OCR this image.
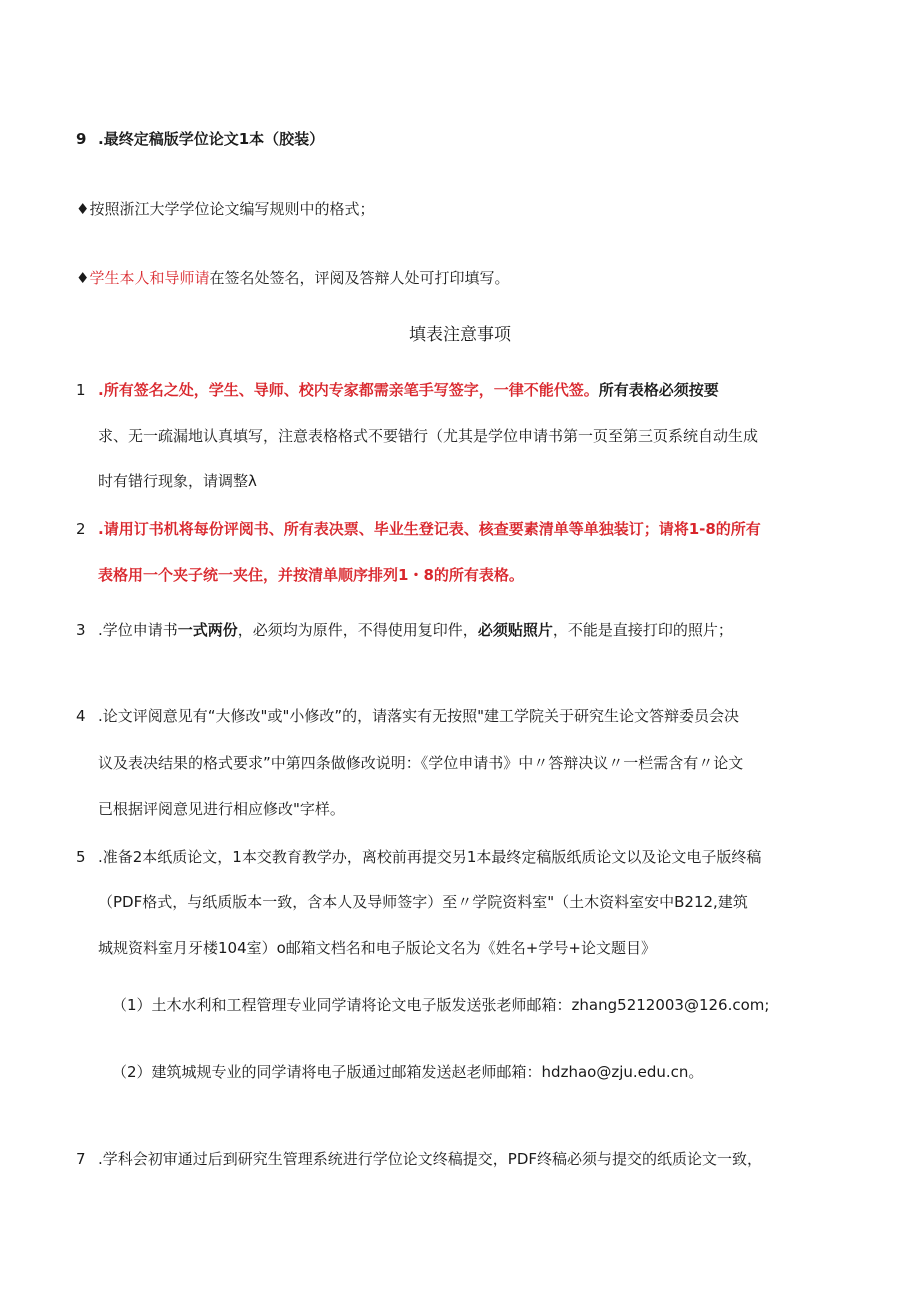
9 .最终定稿版学位论文1本（胶装）
♦按照浙江大学学位论文编写规则中的格式；
♦学生本人和导师请在签名处签名，评阅及答辩人处可打印填写。
填表注意事项
1 .所有签名之处，学生、导师、校内专家都需亲笔手写签字，一律不能代签。所有表格必须按要
求、无一疏漏地认真填写，注意表格格式不要错行（尤其是学位申请书第一页至第三页系统自动生成
时有错行现象，请调整λ
2 .请用订书机将每份评阅书、所有表决票、毕业生登记表、核查要素清单等单独装订；请将1-8的所有
表格用一个夹子统一夹住，并按清单顺序排列1・8的所有表格。
3 .学位申请书一式两份，必须均为原件，不得使用复印件，必须贴照片，不能是直接打印的照片；
4 .论文评阅意见有“大修改"或"小修改”的，请落实有无按照"建工学院关于研究生论文答辩委员会决
议及表决结果的格式要求”中第四条做修改说明：《学位申请书》中〃答辩决议〃一栏需含有〃论文
已根据评阅意见进行相应修改"字样。
5 .准备2本纸质论文，1本交教育教学办，离校前再提交另1本最终定稿版纸质论文以及论文电子版终稿
（PDF格式，与纸质版本一致，含本人及导师签字）至〃学院资料室"（土木资料室安中B212,建筑
城规资料室月牙楼104室）o邮箱文档名和电子版论文名为《姓名+学号+论文题目》
（1）土木水利和工程管理专业同学请将论文电子版发送张老师邮箱：zhang5212003@126.com;
（2）建筑城规专业的同学请将电子版通过邮箱发送赵老师邮箱：hdzhao@zju.edu.cn。
7 .学科会初审通过后到研究生管理系统进行学位论文终稿提交，PDF终稿必须与提交的纸质论文一致，
